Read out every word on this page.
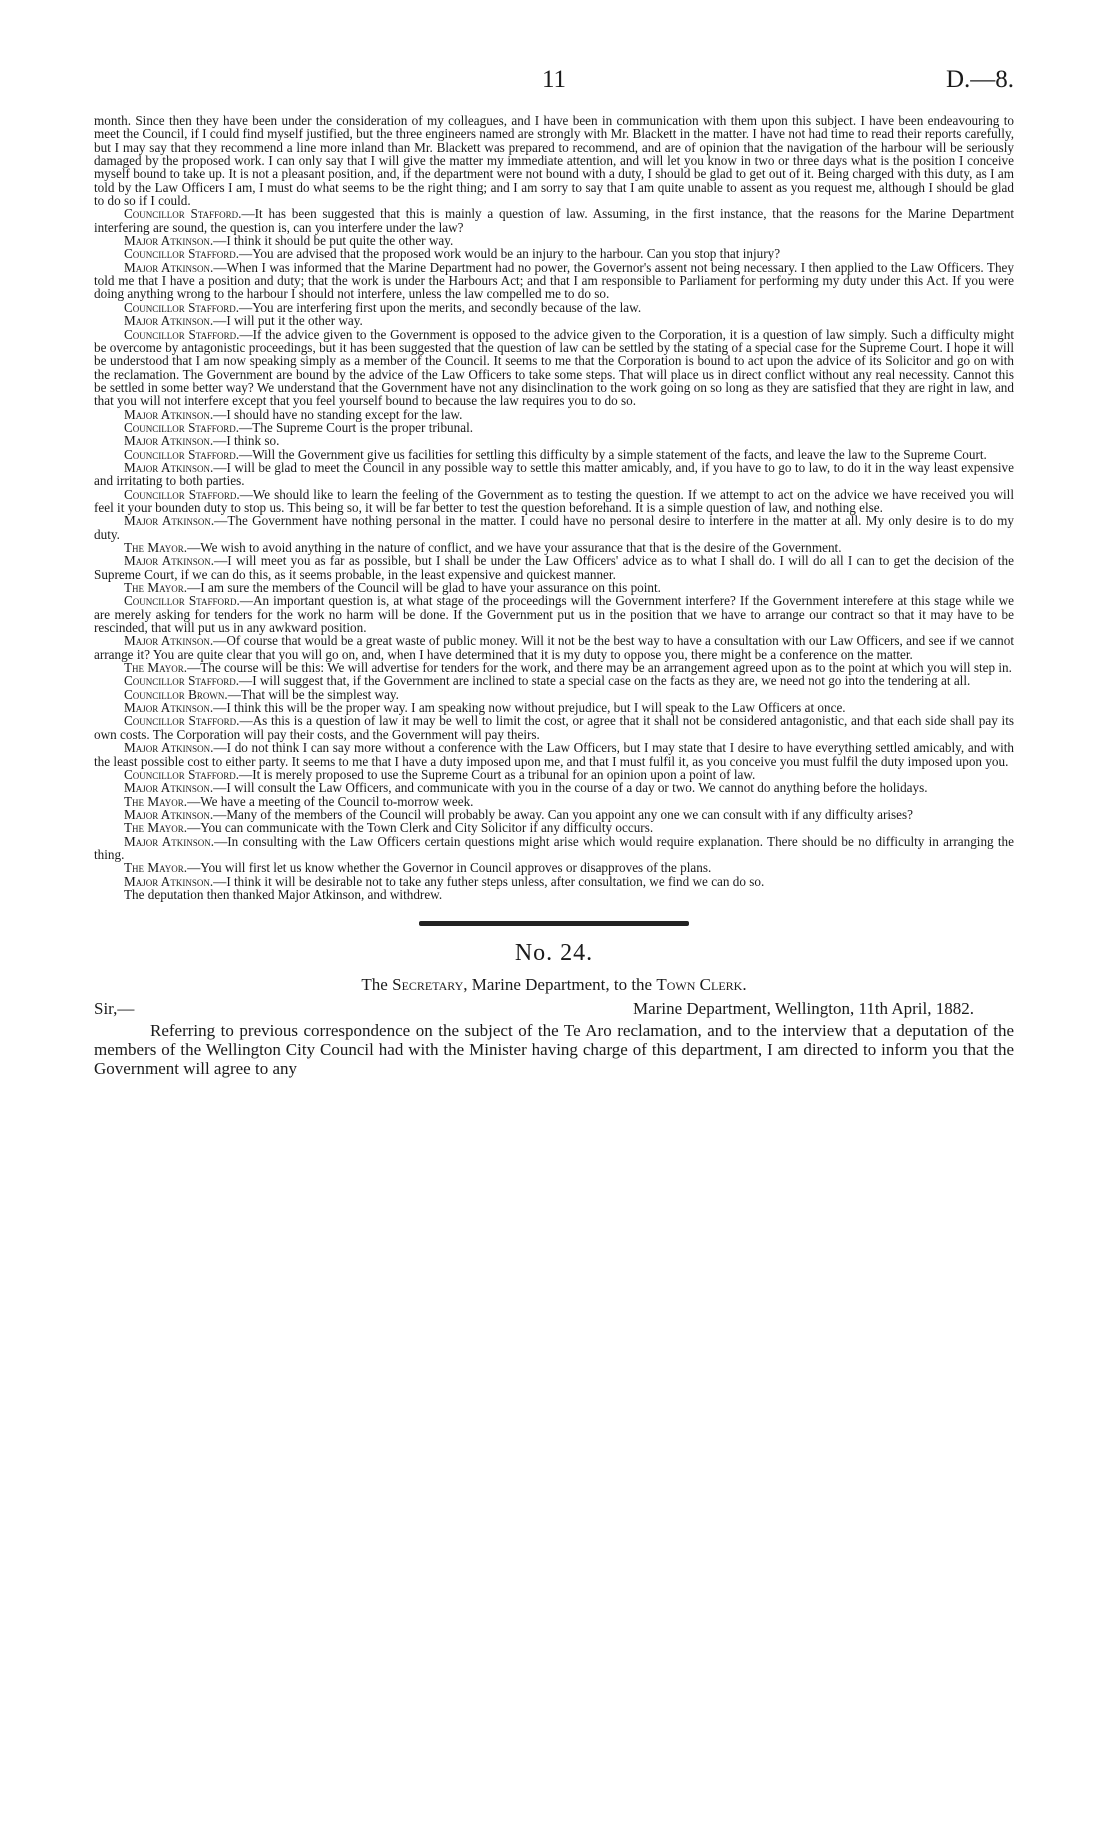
11	D.—8.

month. Since then they have been under the consideration of my colleagues, and I have been in communication with them upon this subject. I have been endeavouring to meet the Council, if I could find myself justified, but the three engineers named are strongly with Mr. Blackett in the matter. I have not had time to read their reports carefully, but I may say that they recommend a line more inland than Mr. Blackett was prepared to recommend, and are of opinion that the navigation of the harbour will be seriously damaged by the proposed work. I can only say that I will give the matter my immediate attention, and will let you know in two or three days what is the position I conceive myself bound to take up. It is not a pleasant position, and, if the department were not bound with a duty, I should be glad to get out of it. Being charged with this duty, as I am told by the Law Officers I am, I must do what seems to be the right thing; and I am sorry to say that I am quite unable to assent as you request me, although I should be glad to do so if I could.

Councillor Stafford.—It has been suggested that this is mainly a question of law. Assuming, in the first instance, that the reasons for the Marine Department interfering are sound, the question is, can you interfere under the law?

Major Atkinson.—I think it should be put quite the other way.

Councillor Stafford.—You are advised that the proposed work would be an injury to the harbour. Can you stop that injury?

Major Atkinson.—When I was informed that the Marine Department had no power, the Governor's assent not being necessary. I then applied to the Law Officers. They told me that I have a position and duty; that the work is under the Harbours Act; and that I am responsible to Parliament for performing my duty under this Act. If you were doing anything wrong to the harbour I should not interfere, unless the law compelled me to do so.

Councillor Stafford.—You are interfering first upon the merits, and secondly because of the law.

Major Atkinson.—I will put it the other way.

Councillor Stafford.—If the advice given to the Government is opposed to the advice given to the Corporation, it is a question of law simply. Such a difficulty might be overcome by antagonistic proceedings, but it has been suggested that the question of law can be settled by the stating of a special case for the Supreme Court. I hope it will be understood that I am now speaking simply as a member of the Council. It seems to me that the Corporation is bound to act upon the advice of its Solicitor and go on with the reclamation. The Government are bound by the advice of the Law Officers to take some steps. That will place us in direct conflict without any real necessity. Cannot this be settled in some better way? We understand that the Government have not any disinclination to the work going on so long as they are satisfied that they are right in law, and that you will not interfere except that you feel yourself bound to because the law requires you to do so.

Major Atkinson.—I should have no standing except for the law.

Councillor Stafford.—The Supreme Court is the proper tribunal.

Major Atkinson.—I think so.

Councillor Stafford.—Will the Government give us facilities for settling this difficulty by a simple statement of the facts, and leave the law to the Supreme Court.

Major Atkinson.—I will be glad to meet the Council in any possible way to settle this matter amicably, and, if you have to go to law, to do it in the way least expensive and irritating to both parties.

Councillor Stafford.—We should like to learn the feeling of the Government as to testing the question. If we attempt to act on the advice we have received you will feel it your bounden duty to stop us. This being so, it will be far better to test the question beforehand. It is a simple question of law, and nothing else.

Major Atkinson.—The Government have nothing personal in the matter. I could have no personal desire to interfere in the matter at all. My only desire is to do my duty.

The Mayor.—We wish to avoid anything in the nature of conflict, and we have your assurance that that is the desire of the Government.

Major Atkinson.—I will meet you as far as possible, but I shall be under the Law Officers' advice as to what I shall do. I will do all I can to get the decision of the Supreme Court, if we can do this, as it seems probable, in the least expensive and quickest manner.

The Mayor.—I am sure the members of the Council will be glad to have your assurance on this point.

Councillor Stafford.—An important question is, at what stage of the proceedings will the Government interfere? If the Government interefere at this stage while we are merely asking for tenders for the work no harm will be done. If the Government put us in the position that we have to arrange our contract so that it may have to be rescinded, that will put us in any awkward position.

Major Atkinson.—Of course that would be a great waste of public money. Will it not be the best way to have a consultation with our Law Officers, and see if we cannot arrange it? You are quite clear that you will go on, and, when I have determined that it is my duty to oppose you, there might be a conference on the matter.

The Mayor.—The course will be this: We will advertise for tenders for the work, and there may be an arrangement agreed upon as to the point at which you will step in.

Councillor Stafford.—I will suggest that, if the Government are inclined to state a special case on the facts as they are, we need not go into the tendering at all.

Councillor Brown.—That will be the simplest way.

Major Atkinson.—I think this will be the proper way. I am speaking now without prejudice, but I will speak to the Law Officers at once.

Councillor Stafford.—As this is a question of law it may be well to limit the cost, or agree that it shall not be considered antagonistic, and that each side shall pay its own costs. The Corporation will pay their costs, and the Government will pay theirs.

Major Atkinson.—I do not think I can say more without a conference with the Law Officers, but I may state that I desire to have everything settled amicably, and with the least possible cost to either party. It seems to me that I have a duty imposed upon me, and that I must fulfil it, as you conceive you must fulfil the duty imposed upon you.

Councillor Stafford.—It is merely proposed to use the Supreme Court as a tribunal for an opinion upon a point of law.

Major Atkinson.—I will consult the Law Officers, and communicate with you in the course of a day or two. We cannot do anything before the holidays.

The Mayor.—We have a meeting of the Council to-morrow week.

Major Atkinson.—Many of the members of the Council will probably be away. Can you appoint any one we can consult with if any difficulty arises?

The Mayor.—You can communicate with the Town Clerk and City Solicitor if any difficulty occurs.

Major Atkinson.—In consulting with the Law Officers certain questions might arise which would require explanation. There should be no difficulty in arranging the thing.

The Mayor.—You will first let us know whether the Governor in Council approves or disapproves of the plans.

Major Atkinson.—I think it will be desirable not to take any futher steps unless, after consultation, we find we can do so.

The deputation then thanked Major Atkinson, and withdrew.

No. 24.
The Secretary, Marine Department, to the Town Clerk.
Sir,—	Marine Department, Wellington, 11th April, 1882.

Referring to previous correspondence on the subject of the Te Aro reclamation, and to the interview that a deputation of the members of the Wellington City Council had with the Minister having charge of this department, I am directed to inform you that the Government will agree to any
